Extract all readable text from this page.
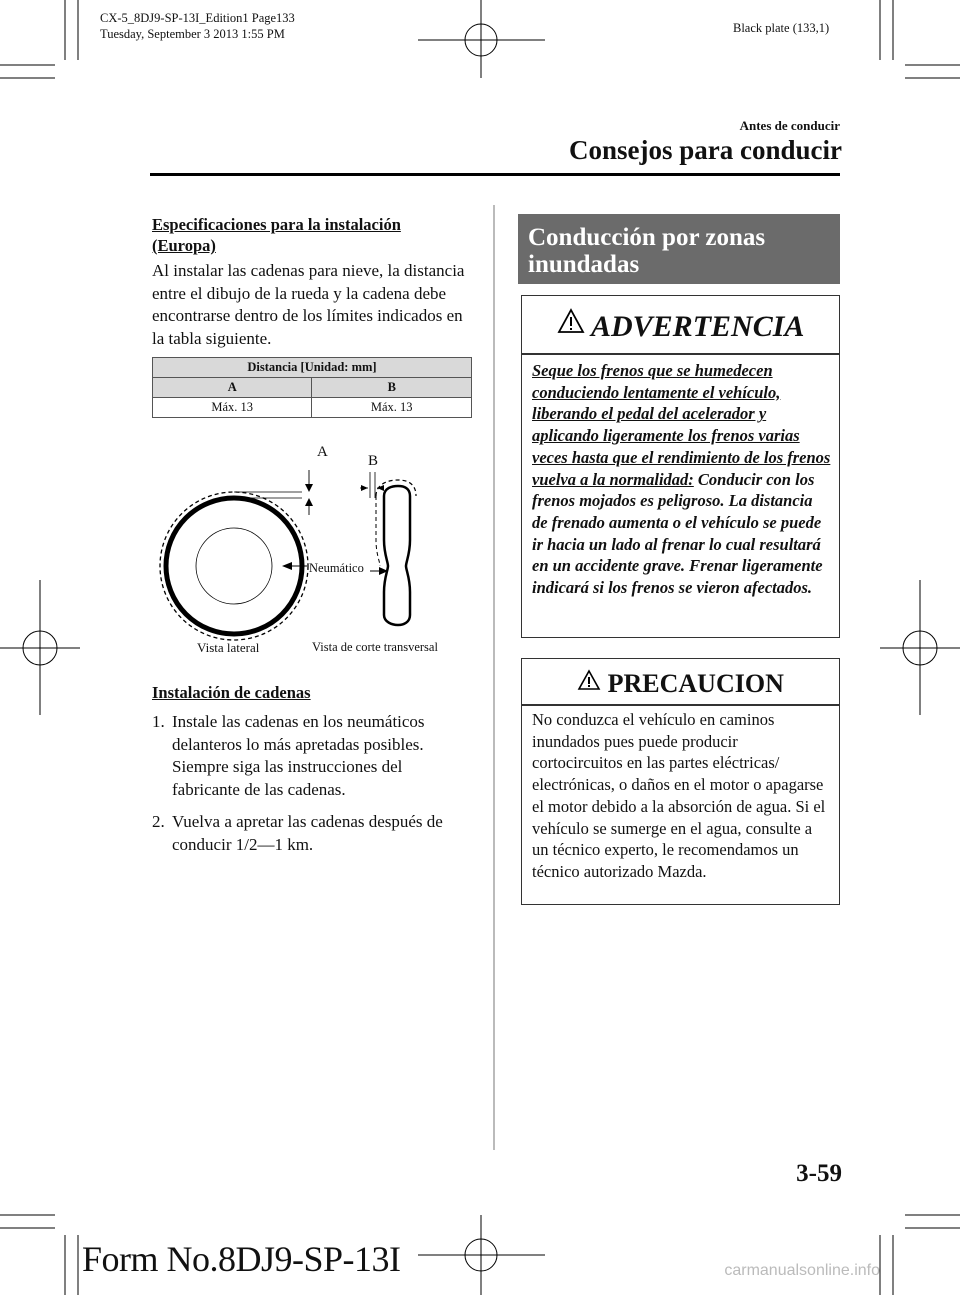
CX-5_8DJ9-SP-13I_Edition1 Page133
Tuesday, September 3 2013 1:55 PM	Black plate (133,1)
Antes de conducir
Consejos para conducir
Especificaciones para la instalación (Europa)
Al instalar las cadenas para nieve, la distancia entre el dibujo de la rueda y la cadena debe encontrarse dentro de los límites indicados en la tabla siguiente.
Distancia [Unidad: mm]	
A	B
Máx. 13	Máx. 13
A
B
Neumático
Vista lateral	Vista de corte transversal
Instalación de cadenas
1. Instale las cadenas en los neumáticos delanteros lo más apretadas posibles. Siempre siga las instrucciones del fabricante de las cadenas.
2. Vuelva a apretar las cadenas después de conducir 1/2―1 km.
Conducción por zonas inundadas
ADVERTENCIA
Seque los frenos que se humedecen conduciendo lentamente el vehículo, liberando el pedal del acelerador y aplicando ligeramente los frenos varias veces hasta que el rendimiento de los frenos vuelva a la normalidad: Conducir con los frenos mojados es peligroso. La distancia de frenado aumenta o el vehículo se puede ir hacia un lado al frenar lo cual resultará en un accidente grave. Frenar ligeramente indicará si los frenos se vieron afectados.
PRECAUCION
No conduzca el vehículo en caminos inundados pues puede producir cortocircuitos en las partes eléctricas/ electrónicas, o daños en el motor o apagarse el motor debido a la absorción de agua. Si el vehículo se sumerge en el agua, consulte a un técnico experto, le recomendamos un técnico autorizado Mazda.
3-59
Form No.8DJ9-SP-13I	carmanualsonline.info
